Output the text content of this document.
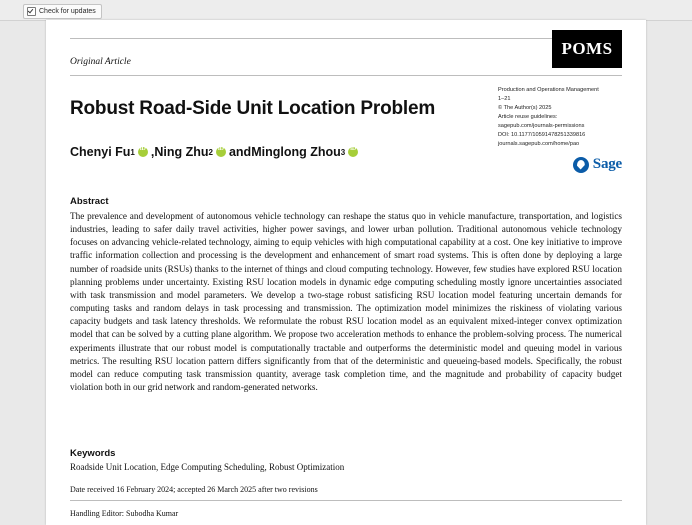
Check for updates
Original Article
POMS
Production and Operations Management
1–21
© The Author(s) 2025
Article reuse guidelines:
sagepub.com/journals-permissions
DOI: 10.1177/10591478251339816
journals.sagepub.com/home/pao
Sage
Robust Road-Side Unit Location Problem
Chenyi Fu 1 iD , Ning Zhu 2 iD and Minglong Zhou 3
iD
Abstract
The prevalence and development of autonomous vehicle technology can reshape the status quo in vehicle manufacture, transportation, and logistics industries, leading to safer daily travel activities, higher power savings, and lower urban pollution. Traditional autonomous vehicle technology focuses on advancing vehicle-related technology, aiming to equip vehicles with high computational capability at a cost. One key initiative to improve traffic information collection and processing is the development and enhancement of smart road systems. This is often done by deploying a large number of roadside units (RSUs) thanks to the internet of things and cloud computing technology. However, few studies have explored RSU location planning problems under uncertainty. Existing RSU location models in dynamic edge computing scheduling mostly ignore uncertainties associated with task transmission and model parameters. We develop a two-stage robust satisficing RSU location model featuring uncertain demands for computing tasks and random delays in task processing and transmission. The optimization model minimizes the riskiness of violating various capacity budgets and task latency thresholds. We reformulate the robust RSU location model as an equivalent mixed-integer convex optimization model that can be solved by a cutting plane algorithm. We propose two acceleration methods to enhance the problem-solving process. The numerical experiments illustrate that our robust model is computationally tractable and outperforms the deterministic model and queuing model in various metrics. The resulting RSU location pattern differs significantly from that of the deterministic and queueing-based models. Specifically, the robust model can reduce computing task transmission quantity, average task completion time, and the magnitude and probability of capacity budget violation both in our grid network and random-generated networks.
Keywords
Roadside Unit Location, Edge Computing Scheduling, Robust Optimization
Date received 16 February 2024; accepted 26 March 2025 after two revisions
Handling Editor: Subodha Kumar
